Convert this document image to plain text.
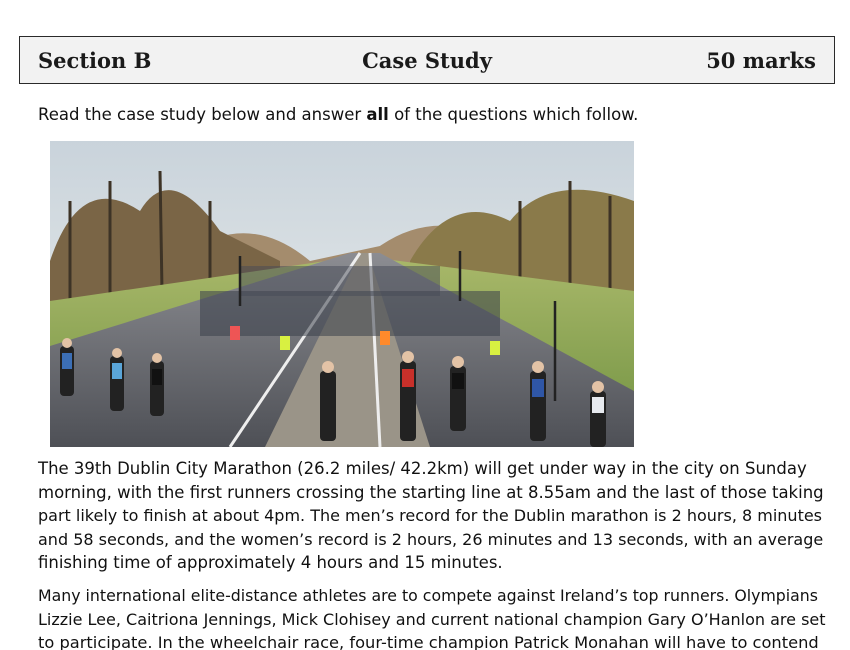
Case Study
Section B	50 marks

Read the case study below and answer all of the questions which follow.

The 39th Dublin City Marathon (26.2 miles/ 42.2km) will get under way in the city on Sunday
morning, with the first runners crossing the starting line at 8.55am and the last of those taking
part likely to finish at about 4pm. The men’s record for the Dublin marathon is 2 hours, 8 minutes
and 58 seconds, and the women’s record is 2 hours, 26 minutes and 13 seconds, with an average
finishing time of approximately 4 hours and 15 minutes.
Many international elite-distance athletes are to compete against Ireland’s top runners. Olympians
Lizzie Lee, Caitriona Jennings, Mick Clohisey and current national champion Gary O’Hanlon are set
to participate. In the wheelchair race, four-time champion Patrick Monahan will have to contend
